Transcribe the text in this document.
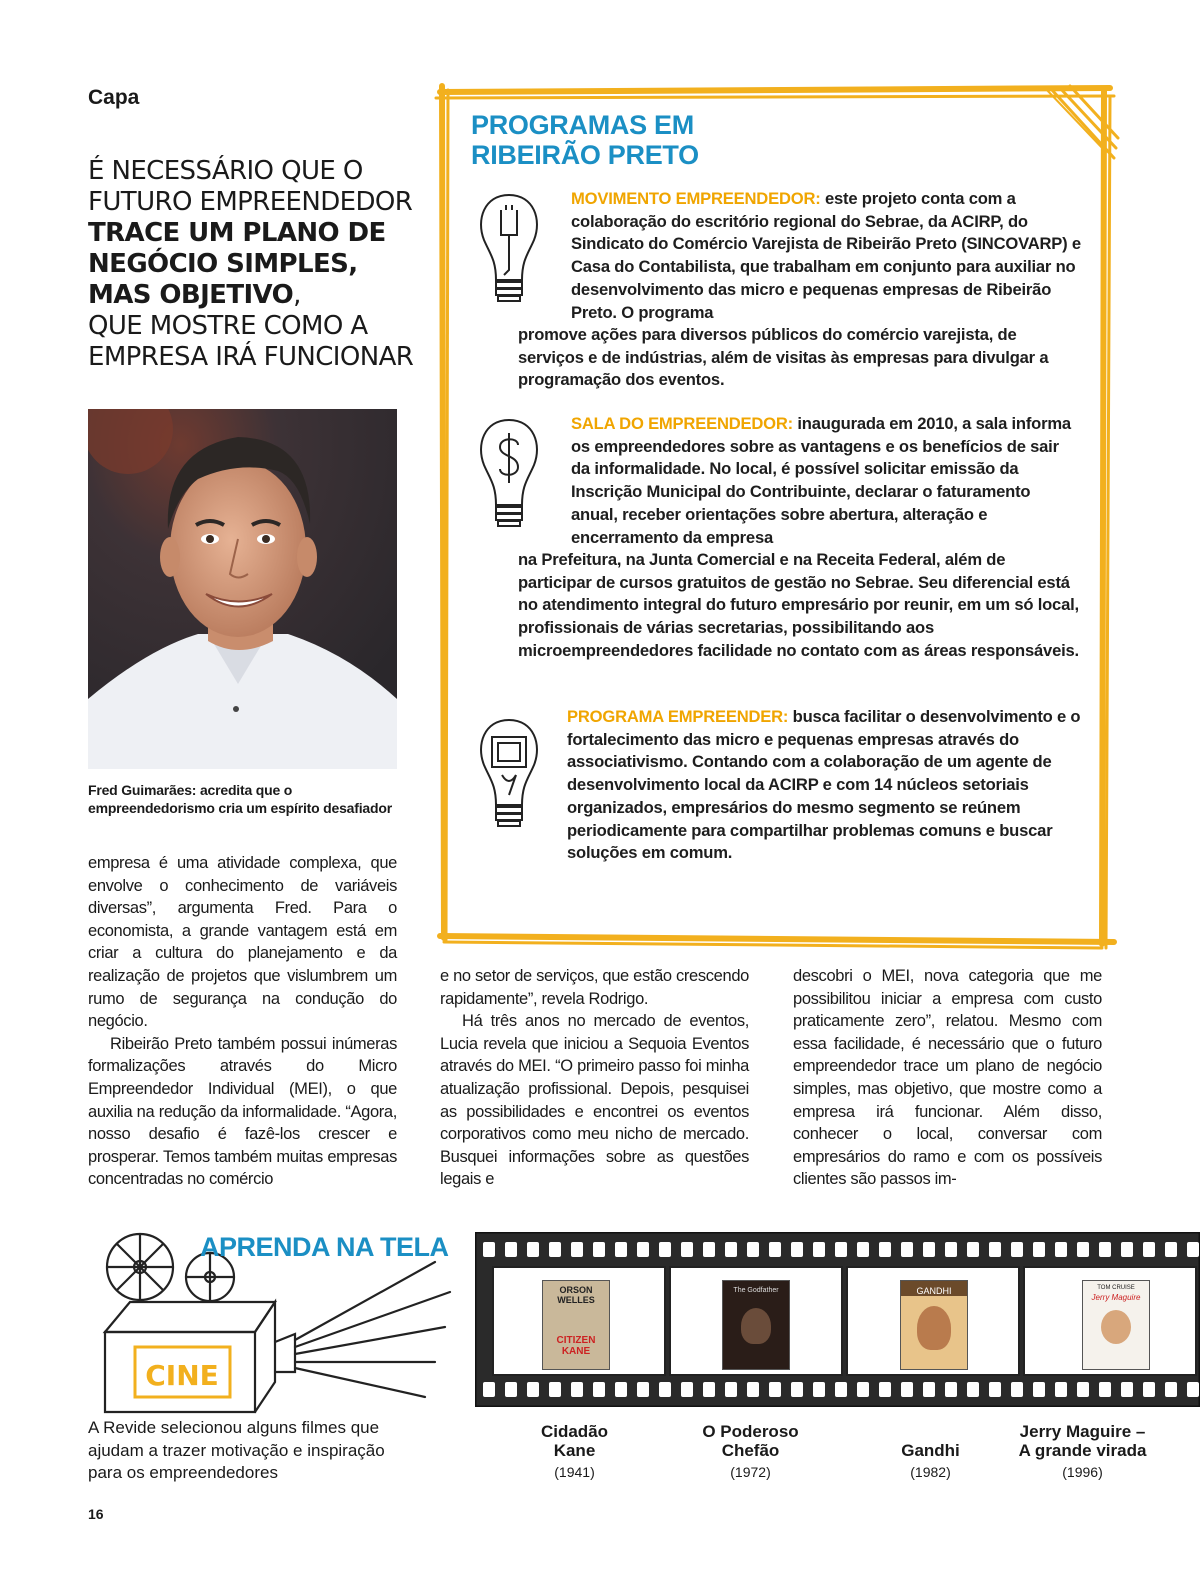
Capa
É NECESSÁRIO QUE O
FUTURO EMPREENDEDOR
TRACE UM PLANO DE
NEGÓCIO SIMPLES,
MAS OBJETIVO,
QUE MOSTRE COMO A
EMPRESA IRÁ FUNCIONAR
Fred Guimarães: acredita que o
empreendedorismo cria um espírito desafiador

empresa é uma atividade complexa, que envolve o conhecimento de variáveis diversas”, argumenta Fred. Para o economista, a grande vantagem está em criar a cultura do planejamento e da realização de projetos que vislumbrem um rumo de segurança na condução do negócio.

Ribeirão Preto também possui inúmeras formalizações através do Micro Empreendedor Individual (MEI), o que auxilia na redução da informalidade. “Agora, nosso desafio é fazê-los crescer e prosperar. Temos também muitas empresas concentradas no comércio

e no setor de serviços, que estão crescendo rapidamente”, revela Rodrigo.

Há três anos no mercado de eventos, Lucia revela que iniciou a Sequoia Eventos através do MEI. “O primeiro passo foi minha atualização profissional. Depois, pesquisei as possibilidades e encontrei os eventos corporativos como meu nicho de mercado. Busquei informações sobre as questões legais e

descobri o MEI, nova categoria que me possibilitou iniciar a empresa com custo praticamente zero”, relatou. Mesmo com essa facilidade, é necessário que o futuro empreendedor trace um plano de negócio simples, mas objetivo, que mostre como a empresa irá funcionar. Além disso, conhecer o local, conversar com empresários do ramo e com os possíveis clientes são passos im-

PROGRAMAS EM
RIBEIRÃO PRETO
MOVIMENTO EMPREENDEDOR: este projeto conta com a colaboração do escritório regional do Sebrae, da ACIRP, do Sindicato do Comércio Varejista de Ribeirão Preto (SINCOVARP) e Casa do Contabilista, que trabalham em conjunto para auxiliar no desenvolvimento das micro e pequenas empresas de Ribeirão Preto. O programa
promove ações para diversos públicos do comércio varejista, de serviços e de indústrias, além de visitas às empresas para divulgar a programação dos eventos.
SALA DO EMPREENDEDOR: inaugurada em 2010, a sala informa os empreendedores sobre as vantagens e os benefícios de sair da informalidade. No local, é possível solicitar emissão da Inscrição Municipal do Contribuinte, declarar o faturamento anual, receber orientações sobre abertura, alteração e encerramento da empresa
na Prefeitura, na Junta Comercial e na Receita Federal, além de participar de cursos gratuitos de gestão no Sebrae. Seu diferencial está no atendimento integral do futuro empresário por reunir, em um só local, profissionais de várias secretarias, possibilitando aos microempreendedores facilidade no contato com as áreas responsáveis.
PROGRAMA EMPREENDER: busca facilitar o desenvolvimento e o fortalecimento das micro e pequenas empresas através do associativismo. Contando com a colaboração de um agente de desenvolvimento local da ACIRP e com 14 núcleos setoriais organizados, empresários do mesmo segmento se reúnem periodicamente para compartilhar problemas comuns e buscar soluções em comum.
CINE
APRENDA NA TELA
A Revide selecionou alguns filmes que ajudam a trazer motivação e inspiração para os empreendedores
ORSON WELLES
CITIZEN KANE
The Godfather	GANDHI	TOM CRUISE
Jerry Maguire
Cidadão
Kane
(1941)
O Poderoso
Chefão
(1972)
Gandhi
(1982)
Jerry Maguire –
A grande virada
(1996)
16
